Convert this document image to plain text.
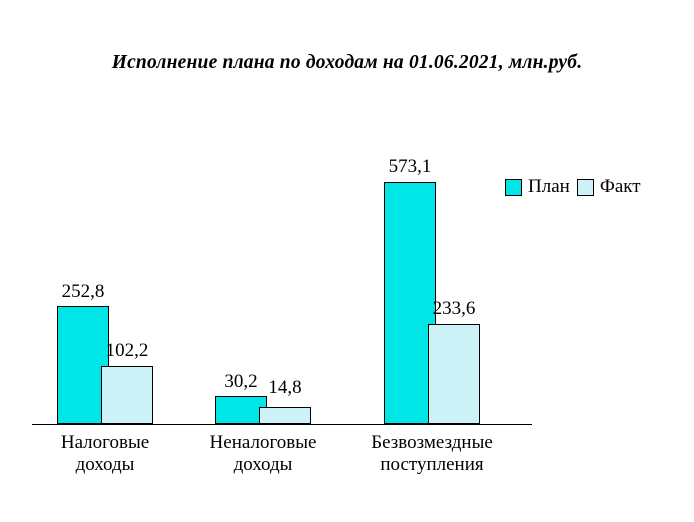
Исполнение плана по доходам на 01.06.2021, млн.руб.
План Факт
252,8
102,2
30,2 14,8
573,1
233,6
Налоговые
доходы
Неналоговые
доходы
Безвозмездные
поступления
